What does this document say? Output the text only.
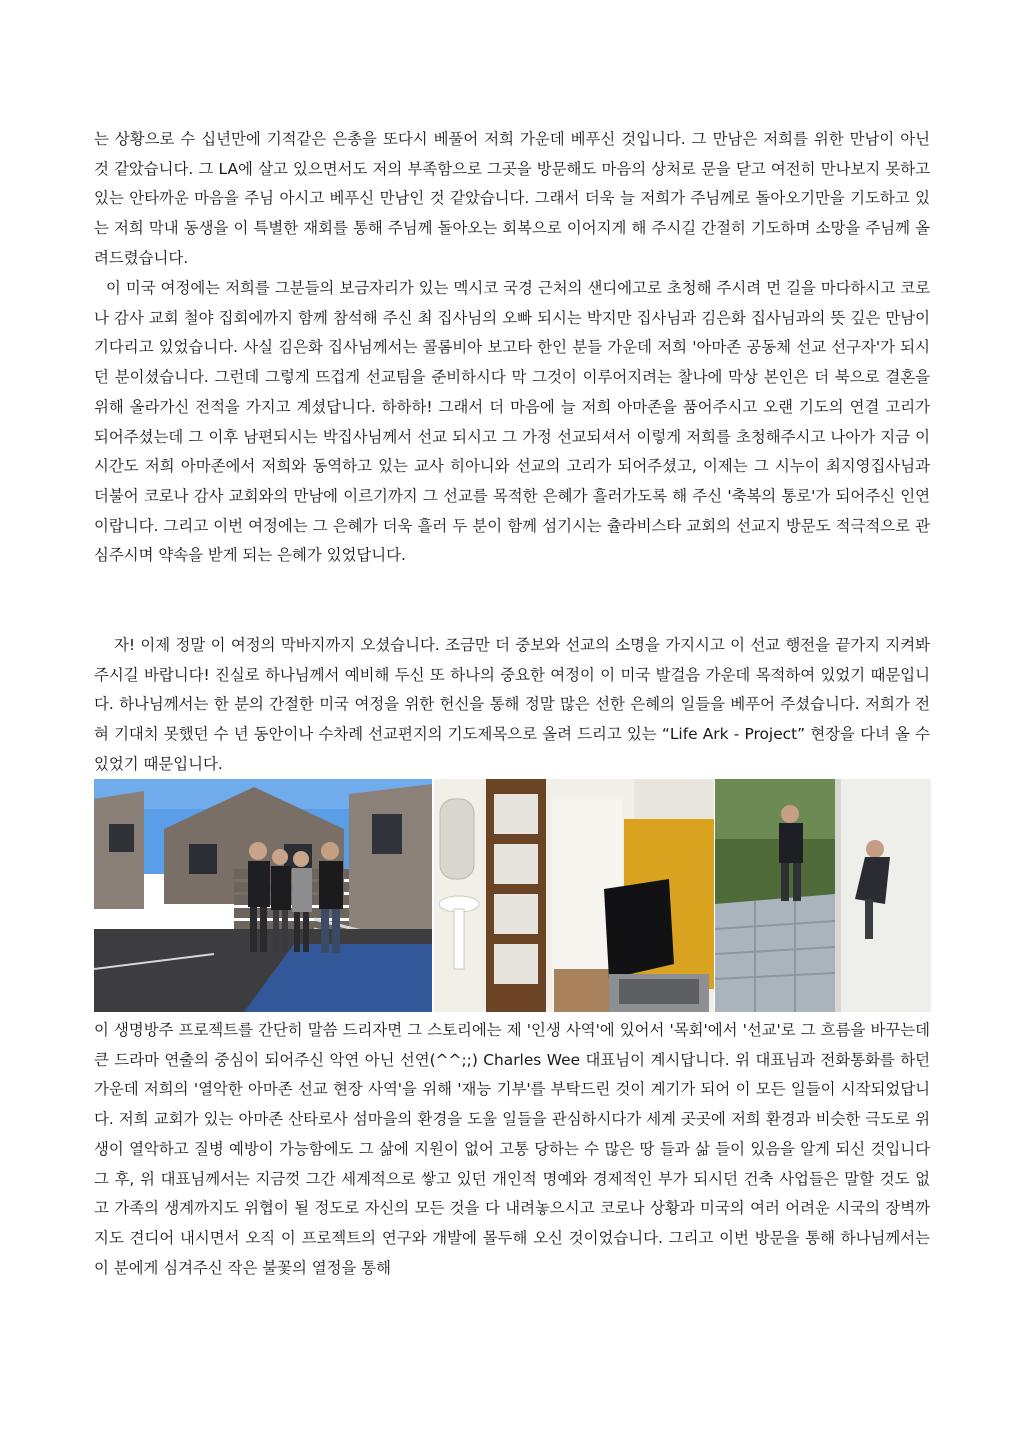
는 상황으로 수 십년만에 기적같은 은총을 또다시 베풀어 저희 가운데 베푸신 것입니다. 그 만남은 저희를 위한 만남이 아닌 것 같았습니다. 그 LA에 살고 있으면서도 저의 부족함으로 그곳을 방문해도 마음의 상처로 문을 닫고 여전히 만나보지 못하고 있는 안타까운 마음을 주님 아시고 베푸신 만남인 것 같았습니다. 그래서 더욱 늘 저희가 주님께로 돌아오기만을 기도하고 있는 저희 막내 동생을 이 특별한 재회를 통해 주님께 돌아오는 회복으로 이어지게 해 주시길 간절히 기도하며 소망을 주님께 올려드렸습니다.

이 미국 여정에는 저희를 그분들의 보금자리가 있는 멕시코 국경 근처의 샌디에고로 초청해 주시려 먼 길을 마다하시고 코로나 감사 교회 철야 집회에까지 함께 참석해 주신 최 집사님의 오빠 되시는 박지만 집사님과 김은화 집사님과의 뜻 깊은 만남이 기다리고 있었습니다. 사실 김은화 집사님께서는 콜롬비아 보고타 한인 분들 가운데 저희 '아마존 공동체 선교 선구자'가 되시던 분이셨습니다. 그런데 그렇게 뜨겁게 선교팀을 준비하시다 막 그것이 이루어지려는 찰나에 막상 본인은 더 북으로 결혼을 위해 올라가신 전적을 가지고 계셨답니다. 하하하! 그래서 더 마음에 늘 저희 아마존을 품어주시고 오랜 기도의 연결 고리가 되어주셨는데 그 이후 남편되시는 박집사님께서 선교 되시고 그 가정 선교되셔서 이렇게 저희를 초청해주시고 나아가 지금 이시간도 저희 아마존에서 저희와 동역하고 있는 교사 히아니와 선교의 고리가 되어주셨고, 이제는 그 시누이 최지영집사님과 더불어 코로나 감사 교회와의 만남에 이르기까지 그 선교를 목적한 은혜가 흘러가도록 해 주신 '축복의 통로'가 되어주신 인연이랍니다. 그리고 이번 여정에는 그 은혜가 더욱 흘러 두 분이 함께 섬기시는 츌라비스타 교회의 선교지 방문도 적극적으로 관심주시며 약속을 받게 되는 은혜가 있었답니다.

자! 이제 정말 이 여정의 막바지까지 오셨습니다. 조금만 더 중보와 선교의 소명을 가지시고 이 선교 행전을 끝가지 지켜봐 주시길 바랍니다! 진실로 하나님께서 예비해 두신 또 하나의 중요한 여정이 이 미국 발걸음 가운데 목적하여 있었기 때문입니다. 하나님께서는 한 분의 간절한 미국 여정을 위한 헌신을 통해 정말 많은 선한 은혜의 일들을 베푸어 주셨습니다. 저희가 전혀 기대치 못했던 수 년 동안이나 수차례 선교편지의 기도제목으로 올려 드리고 있는 “Life Ark - Project” 현장을 다녀 올 수 있었기 때문입니다.

이 생명방주 프로젝트를 간단히 말씀 드리자면 그 스토리에는 제 '인생 사역'에 있어서 '목회'에서 '선교'로 그 흐름을 바꾸는데 큰 드라마 연출의 중심이 되어주신 악연 아닌 선연(^^;;) Charles Wee 대표님이 계시답니다. 위 대표님과 전화통화를 하던 가운데 저희의 '열악한 아마존 선교 현장 사역'을 위해 '재능 기부'를 부탁드린 것이 계기가 되어 이 모든 일들이 시작되었답니다. 저희 교회가 있는 아마존 산타로사 섬마을의 환경을 도울 일들을 관심하시다가 세계 곳곳에 저희 환경과 비슷한 극도로 위생이 열악하고 질병 예방이 가능함에도 그 삶에 지원이 없어 고통 당하는 수 많은 땅 들과 삶 들이 있음을 알게 되신 것입니다 그 후, 위 대표님께서는 지금껏 그간 세계적으로 쌓고 있던 개인적 명예와 경제적인 부가 되시던 건축 사업들은 말할 것도 없고 가족의 생계까지도 위협이 될 정도로 자신의 모든 것을 다 내려놓으시고 코로나 상황과 미국의 여러 어려운 시국의 장벽까지도 견디어 내시면서 오직 이 프로젝트의 연구와 개발에 몰두해 오신 것이었습니다. 그리고 이번 방문을 통해 하나님께서는 이 분에게 심겨주신 작은 불꽃의 열정을 통해
